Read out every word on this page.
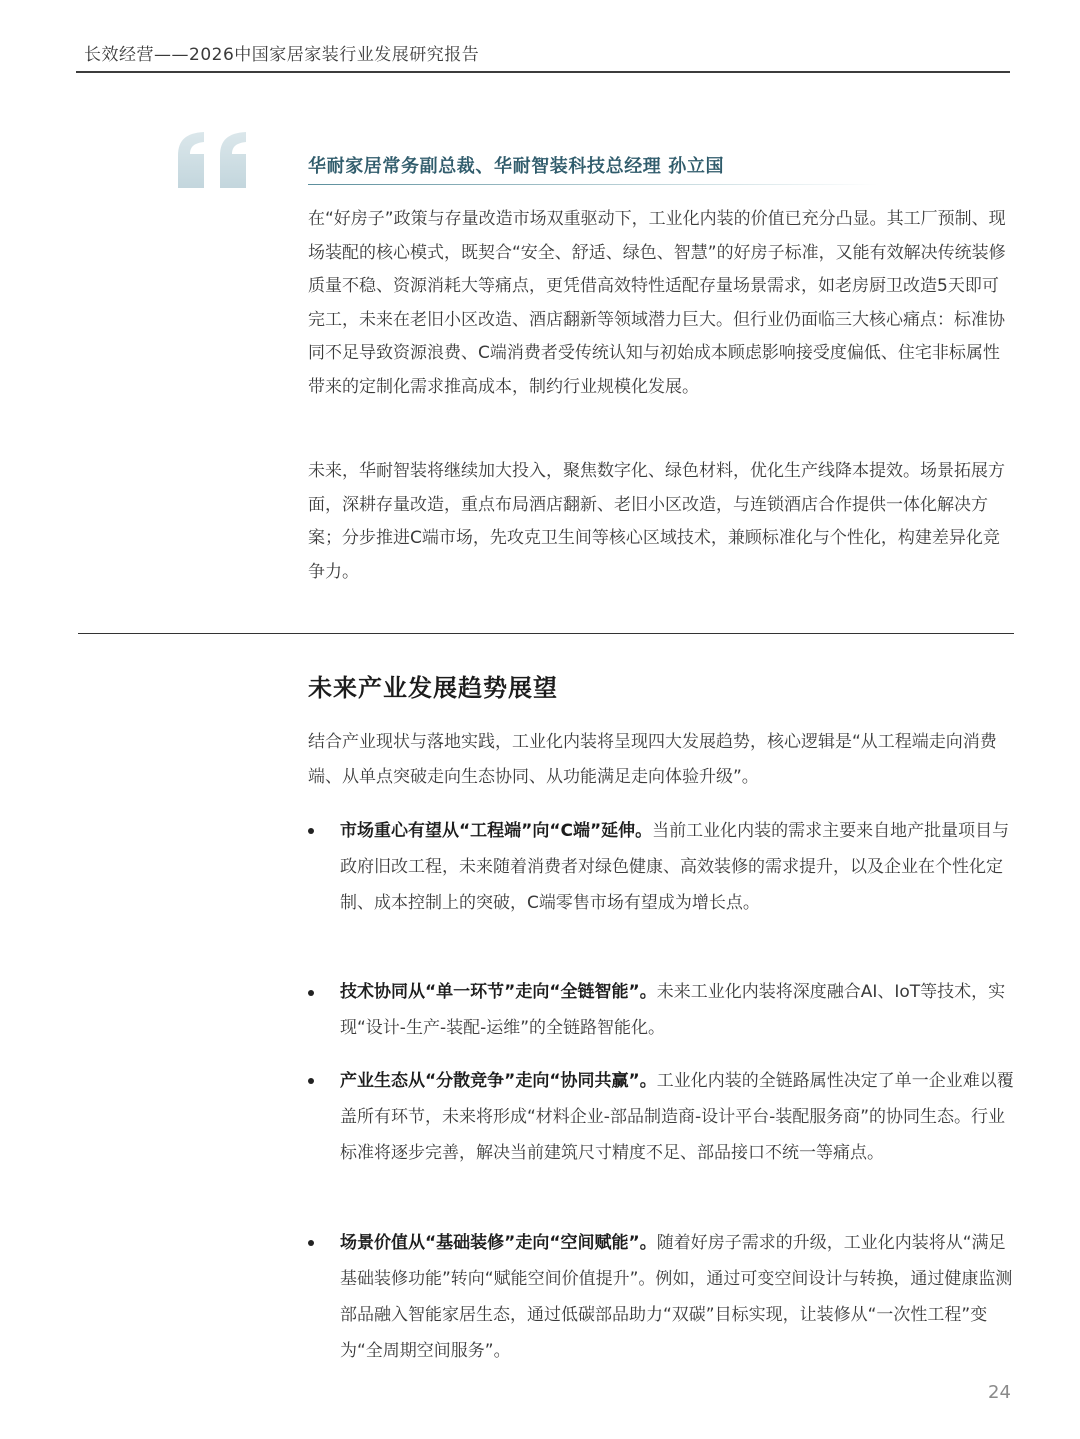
长效经营——2026中国家居家装行业发展研究报告
华耐家居常务副总裁、华耐智装科技总经理 孙立国

在“好房子”政策与存量改造市场双重驱动下，工业化内装的价值已充分凸显。其工厂预制、现场装配的核心模式，既契合“安全、舒适、绿色、智慧”的好房子标准，又能有效解决传统装修质量不稳、资源消耗大等痛点，更凭借高效特性适配存量场景需求，如老房厨卫改造5天即可完工，未来在老旧小区改造、酒店翻新等领域潜力巨大。但行业仍面临三大核心痛点：标准协同不足导致资源浪费、C端消费者受传统认知与初始成本顾虑影响接受度偏低、住宅非标属性带来的定制化需求推高成本，制约行业规模化发展。

未来，华耐智装将继续加大投入，聚焦数字化、绿色材料，优化生产线降本提效。场景拓展方面，深耕存量改造，重点布局酒店翻新、老旧小区改造，与连锁酒店合作提供一体化解决方案；分步推进C端市场，先攻克卫生间等核心区域技术，兼顾标准化与个性化，构建差异化竞争力。

未来产业发展趋势展望

结合产业现状与落地实践，工业化内装将呈现四大发展趋势，核心逻辑是“从工程端走向消费端、从单点突破走向生态协同、从功能满足走向体验升级”。

市场重心有望从“工程端”向“C端”延伸。当前工业化内装的需求主要来自地产批量项目与政府旧改工程，未来随着消费者对绿色健康、高效装修的需求提升，以及企业在个性化定制、成本控制上的突破，C端零售市场有望成为增长点。

技术协同从“单一环节”走向“全链智能”。未来工业化内装将深度融合AI、IoT等技术，实现“设计-生产-装配-运维”的全链路智能化。

产业生态从“分散竞争”走向“协同共赢”。工业化内装的全链路属性决定了单一企业难以覆盖所有环节，未来将形成“材料企业-部品制造商-设计平台-装配服务商”的协同生态。行业标准将逐步完善，解决当前建筑尺寸精度不足、部品接口不统一等痛点。

场景价值从“基础装修”走向“空间赋能”。随着好房子需求的升级，工业化内装将从“满足基础装修功能”转向“赋能空间价值提升”。例如，通过可变空间设计与转换，通过健康监测部品融入智能家居生态，通过低碳部品助力“双碳”目标实现，让装修从“一次性工程”变为“全周期空间服务”。

24
